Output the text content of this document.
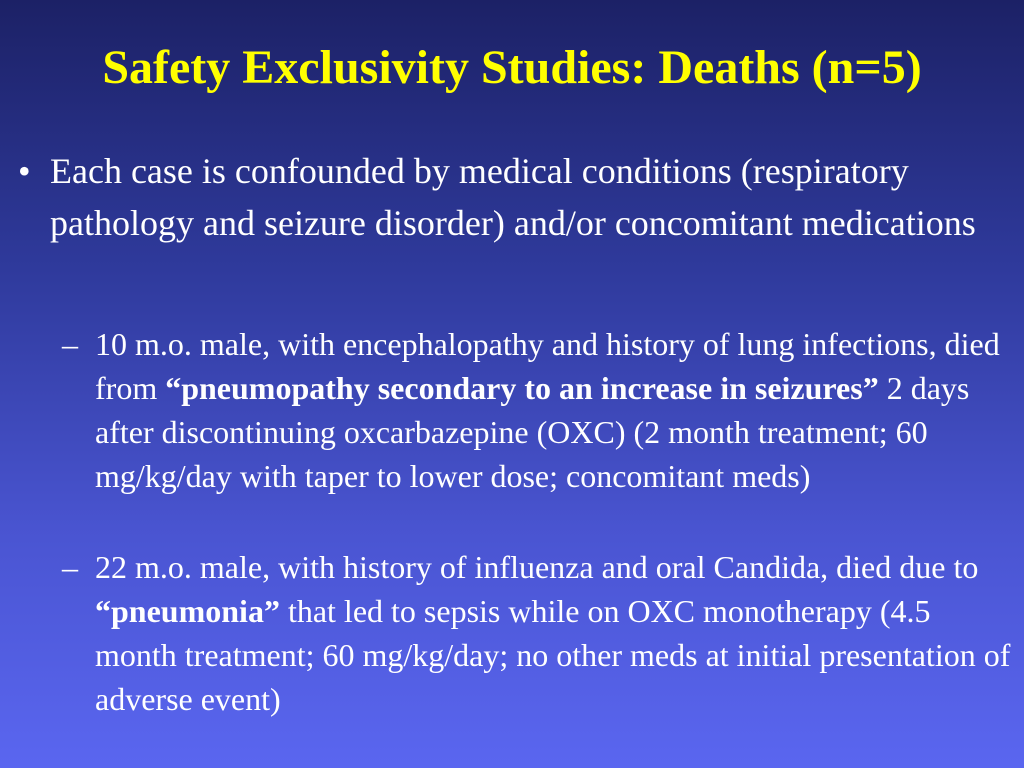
Safety Exclusivity Studies: Deaths (n=5)
• Each case is confounded by medical conditions (respiratory pathology and seizure disorder) and/or concomitant medications
– 10 m.o. male, with encephalopathy and history of lung infections, died from “pneumopathy secondary to an increase in seizures” 2 days after discontinuing oxcarbazepine (OXC) (2 month treatment; 60 mg/kg/day with taper to lower dose; concomitant meds)
– 22 m.o. male, with history of influenza and oral Candida, died due to “pneumonia” that led to sepsis while on OXC monotherapy (4.5 month treatment; 60 mg/kg/day; no other meds at initial presentation of adverse event)
